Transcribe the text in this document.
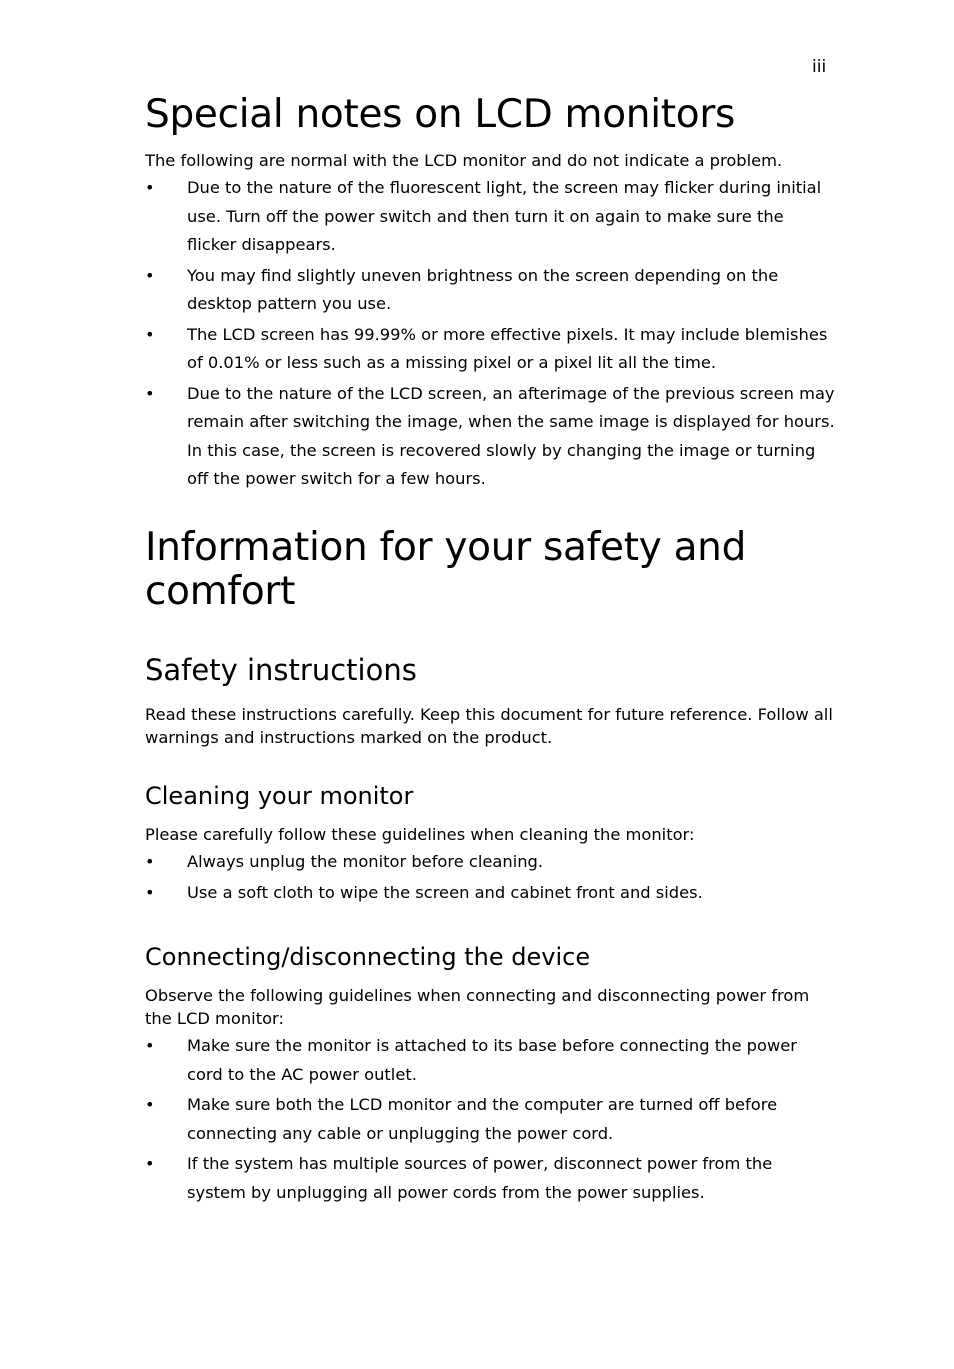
iii
Special notes on LCD monitors

The following are normal with the LCD monitor and do not indicate a problem.

• Due to the nature of the fluorescent light, the screen may flicker during initial use. Turn off the power switch and then turn it on again to make sure the flicker disappears.
• You may find slightly uneven brightness on the screen depending on the desktop pattern you use.
• The LCD screen has 99.99% or more effective pixels. It may include blemishes of 0.01% or less such as a missing pixel or a pixel lit all the time.
• Due to the nature of the LCD screen, an afterimage of the previous screen may remain after switching the image, when the same image is displayed for hours. In this case, the screen is recovered slowly by changing the image or turning off the power switch for a few hours.
Information for your safety and comfort
Safety instructions

Read these instructions carefully. Keep this document for future reference. Follow all warnings and instructions marked on the product.

Cleaning your monitor

Please carefully follow these guidelines when cleaning the monitor:

• Always unplug the monitor before cleaning.
• Use a soft cloth to wipe the screen and cabinet front and sides.
Connecting/disconnecting the device

Observe the following guidelines when connecting and disconnecting power from the LCD monitor:

• Make sure the monitor is attached to its base before connecting the power cord to the AC power outlet.
• Make sure both the LCD monitor and the computer are turned off before connecting any cable or unplugging the power cord.
• If the system has multiple sources of power, disconnect power from the system by unplugging all power cords from the power supplies.
